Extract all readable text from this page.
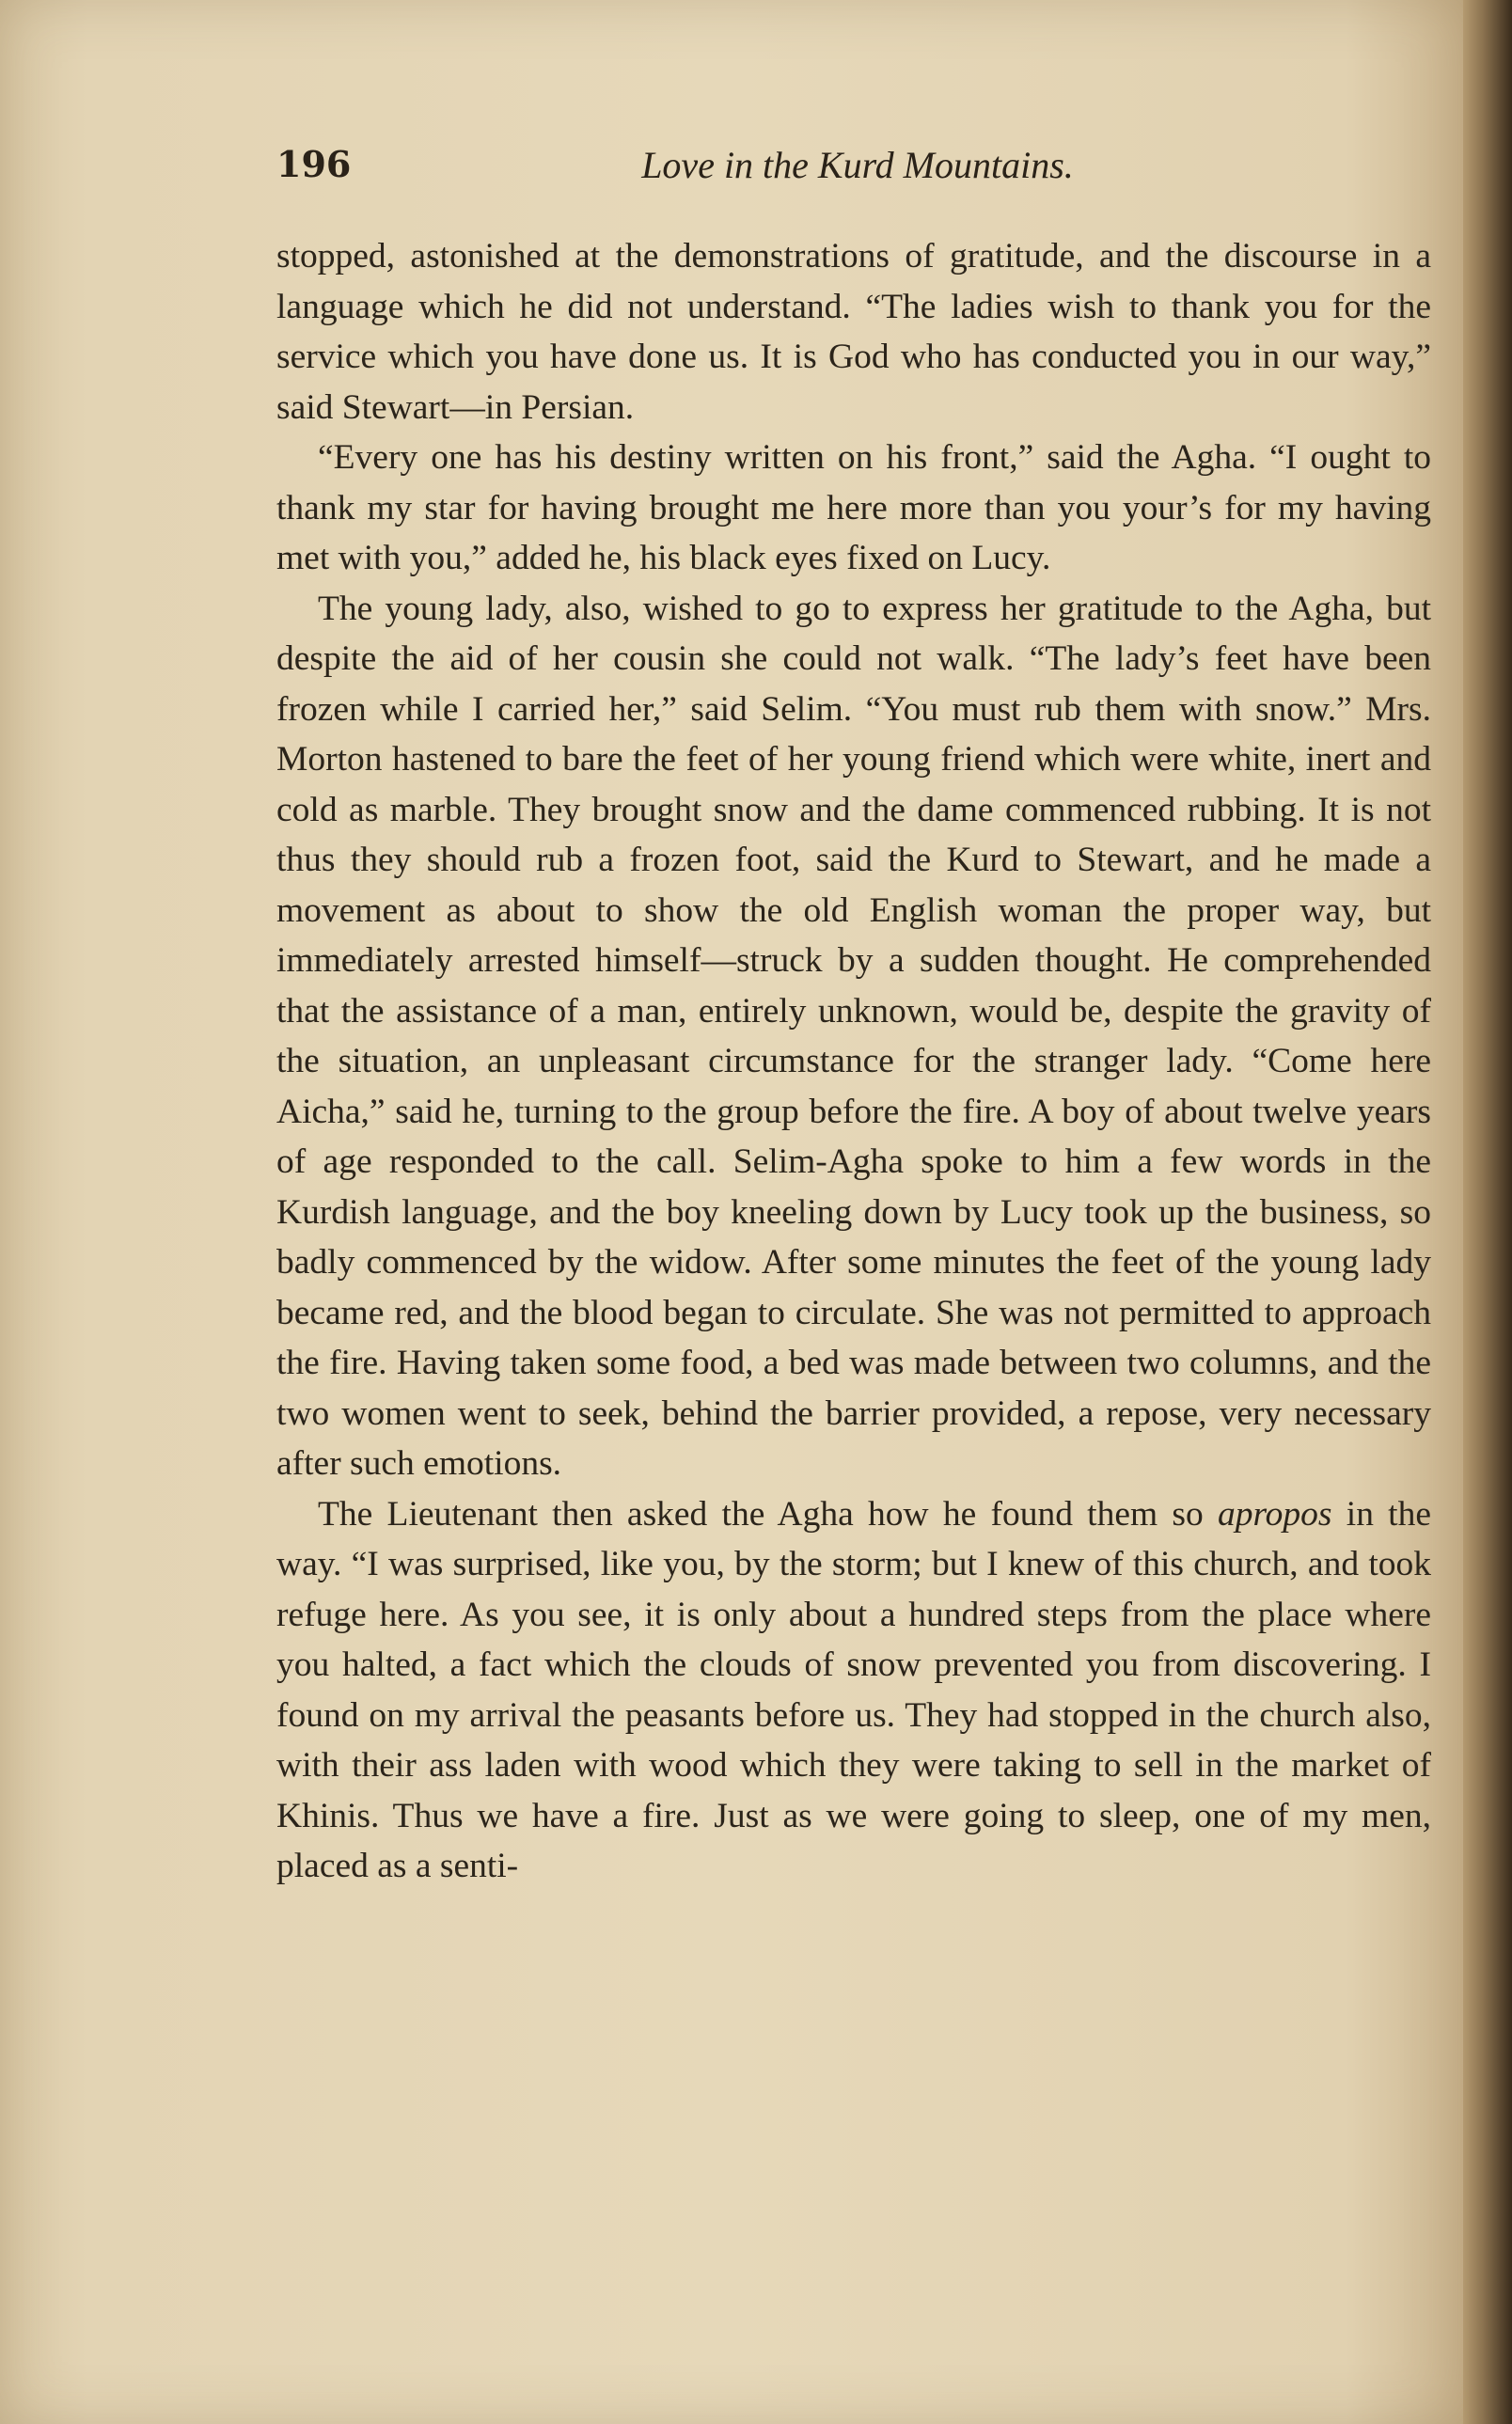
196	Love in the Kurd Mountains.

stopped, astonished at the demonstrations of gratitude, and the discourse in a language which he did not understand. “The ladies wish to thank you for the service which you have done us. It is God who has conducted you in our way,” said Stewart—in Persian.

“Every one has his destiny written on his front,” said the Agha. “I ought to thank my star for having brought me here more than you your’s for my having met with you,” added he, his black eyes fixed on Lucy.

The young lady, also, wished to go to express her gratitude to the Agha, but despite the aid of her cousin she could not walk. “The lady’s feet have been frozen while I carried her,” said Selim. “You must rub them with snow.” Mrs. Morton hastened to bare the feet of her young friend which were white, inert and cold as marble. They brought snow and the dame commenced rubbing. It is not thus they should rub a frozen foot, said the Kurd to Stewart, and he made a movement as about to show the old English woman the proper way, but immediately arrested himself—struck by a sudden thought. He comprehended that the assistance of a man, entirely unknown, would be, despite the gravity of the situation, an unpleasant circumstance for the stranger lady. “Come here Aicha,” said he, turning to the group before the fire. A boy of about twelve years of age responded to the call. Selim-Agha spoke to him a few words in the Kurdish language, and the boy kneeling down by Lucy took up the business, so badly commenced by the widow. After some minutes the feet of the young lady became red, and the blood began to circulate. She was not permitted to approach the fire. Having taken some food, a bed was made between two columns, and the two women went to seek, behind the barrier provided, a repose, very necessary after such emotions.

The Lieutenant then asked the Agha how he found them so apropos in the way. “I was surprised, like you, by the storm; but I knew of this church, and took refuge here. As you see, it is only about a hundred steps from the place where you halted, a fact which the clouds of snow prevented you from discovering. I found on my arrival the peasants before us. They had stopped in the church also, with their ass laden with wood which they were taking to sell in the market of Khinis. Thus we have a fire. Just as we were going to sleep, one of my men, placed as a senti-
